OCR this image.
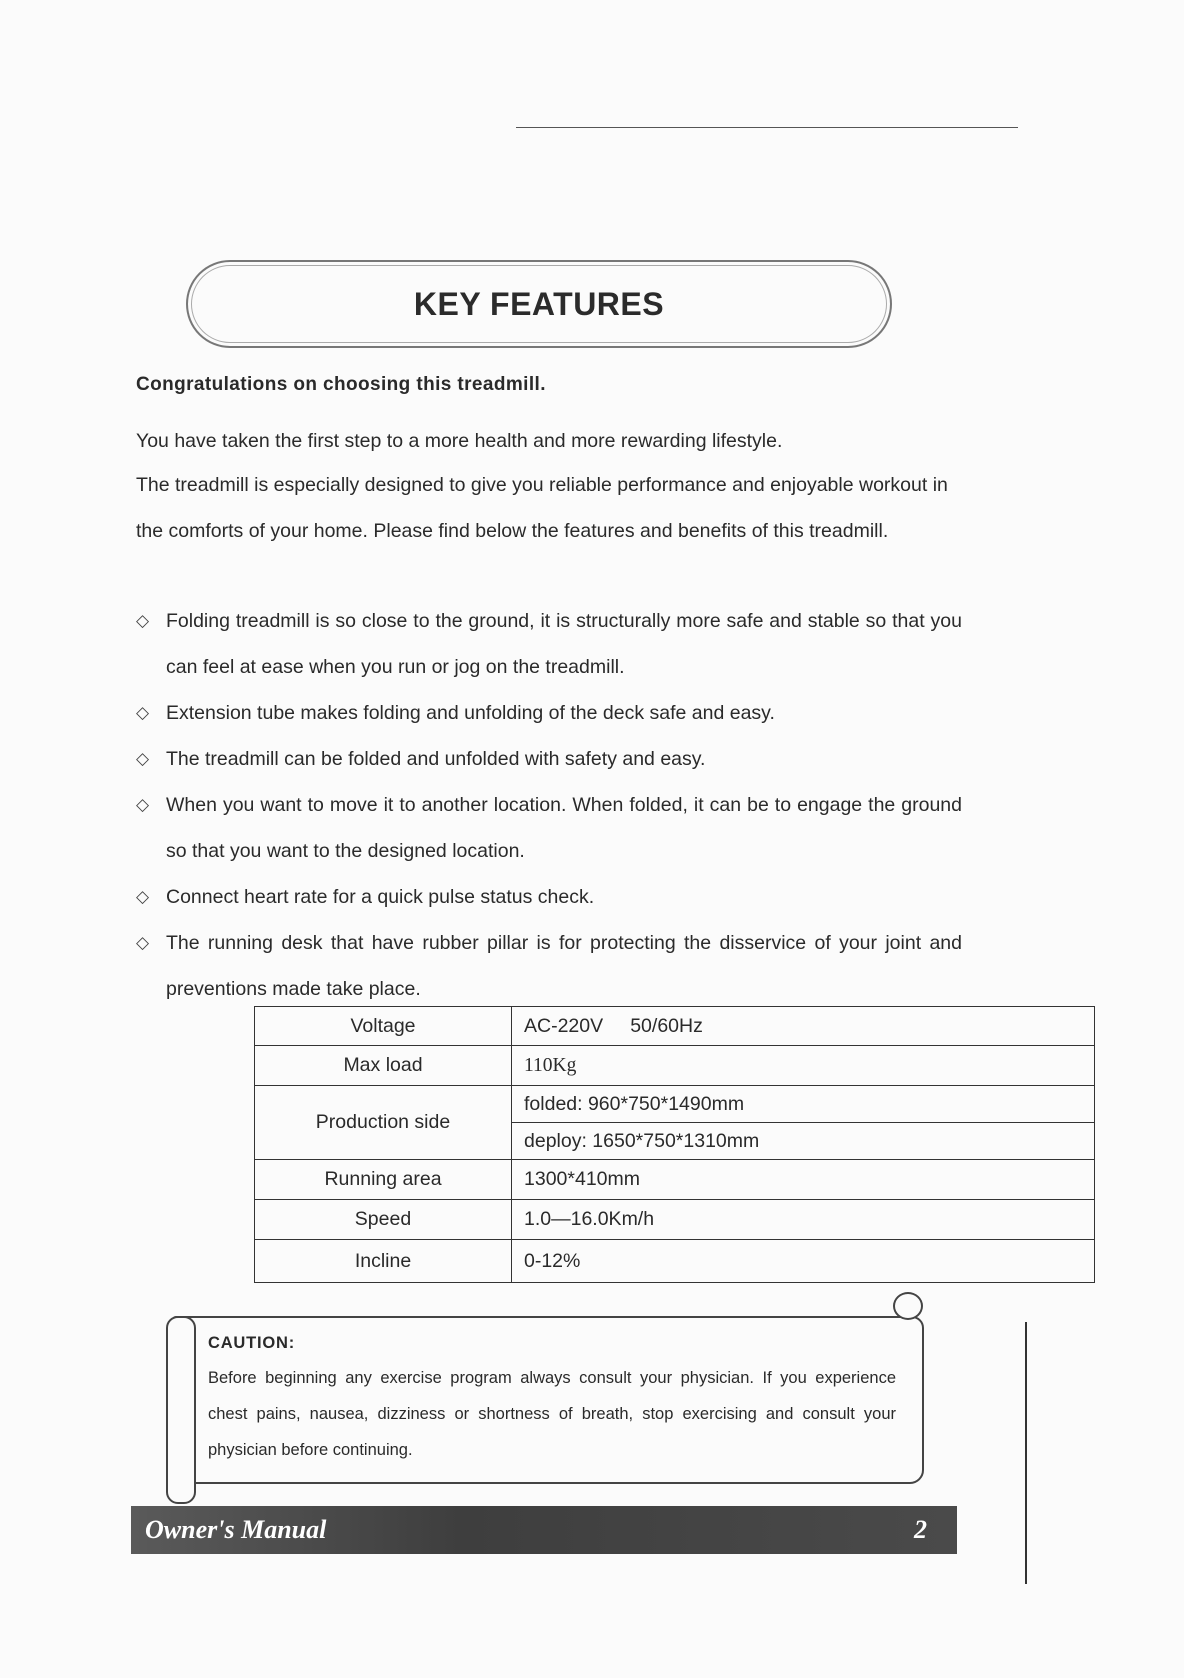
KEY FEATURES

Congratulations on choosing this treadmill.

You have taken the first step to a more health and more rewarding lifestyle.

The treadmill is especially designed to give you reliable performance and enjoyable workout in the comforts of your home. Please find below the features and benefits of this treadmill.

◇ Folding treadmill is so close to the ground, it is structurally more safe and stable so that you can feel at ease when you run or jog on the treadmill.
◇ Extension tube makes folding and unfolding of the deck safe and easy.
◇ The treadmill can be folded and unfolded with safety and easy.
◇ When you want to move it to another location. When folded, it can be to engage the ground so that you want to the designed location.
◇ Connect heart rate for a quick pulse status check.
◇ The running desk that have rubber pillar is for protecting the disservice of your joint and preventions made take place.
Voltage	AC-220V     50/60Hz
Max load	110Kg
Production side	folded: 960*750*1490mm
	deploy: 1650*750*1310mm
Running area	1300*410mm
Speed	1.0—16.0Km/h
Incline	0-12%

CAUTION:

Before beginning any exercise program always consult your physician. If you experience chest pains, nausea, dizziness or shortness of breath, stop exercising and consult your physician before continuing.

Owner's Manual	2
